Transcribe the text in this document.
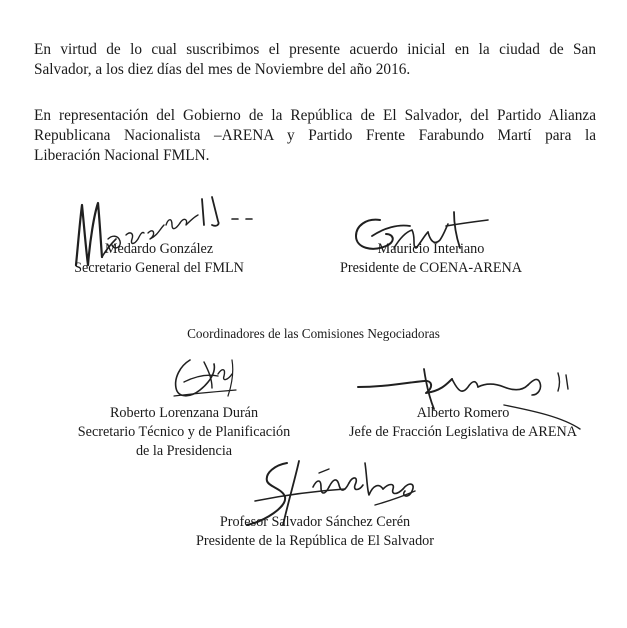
En virtud de lo cual suscribimos el presente acuerdo inicial en la ciudad de San
Salvador, a los diez días del mes de Noviembre del año 2016.

En representación del Gobierno de la República de El Salvador, del Partido Alianza
Republicana Nacionalista –ARENA y Partido Frente Farabundo Martí para la
Liberación Nacional FMLN.

Medardo González
Secretario General del FMLN
Mauricio Interiano
Presidente de COENA-ARENA
Coordinadores de las Comisiones Negociadoras
Roberto Lorenzana Durán
Secretario Técnico y de Planificación
de la Presidencia
Alberto Romero
Jefe de Fracción Legislativa de ARENA
Profesor Salvador Sánchez Cerén
Presidente de la República de El Salvador
